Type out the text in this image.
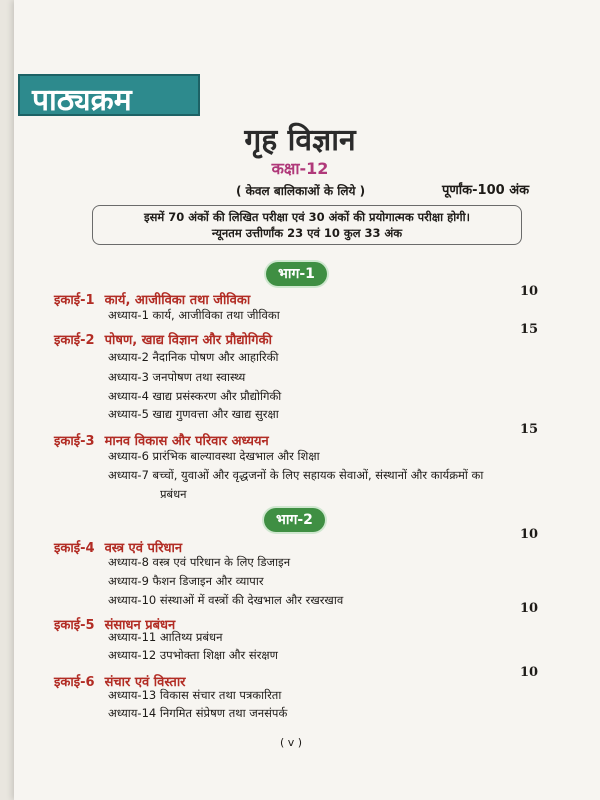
पाठ्यक्रम
गृह विज्ञान
कक्षा-12
( केवल बालिकाओं के लिये )	पूर्णांक-100 अंक
इसमें 70 अंकों की लिखित परीक्षा एवं 30 अंकों की प्रयोगात्मक परीक्षा होगी।
न्यूनतम उत्तीर्णांक 23 एवं 10 कुल 33 अंक
भाग-1
इकाई-1 कार्य, आजीविका तथा जीविका
10
अध्याय-1 कार्य, आजीविका तथा जीविका
इकाई-2 पोषण, खाद्य विज्ञान और प्रौद्योगिकी
15
अध्याय-2 नैदानिक पोषण और आहारिकी
अध्याय-3 जनपोषण तथा स्वास्थ्य
अध्याय-4 खाद्य प्रसंस्करण और प्रौद्योगिकी
अध्याय-5 खाद्य गुणवत्ता और खाद्य सुरक्षा
इकाई-3 मानव विकास और परिवार अध्ययन
15
अध्याय-6 प्रारंभिक बाल्यावस्था देखभाल और शिक्षा
अध्याय-7 बच्चों, युवाओं और वृद्धजनों के लिए सहायक सेवाओं, संस्थानों और कार्यक्रमों का
प्रबंधन
भाग-2
इकाई-4 वस्त्र एवं परिधान
10
अध्याय-8 वस्त्र एवं परिधान के लिए डिजाइन
अध्याय-9 फैशन डिजाइन और व्यापार
अध्याय-10 संस्थाओं में वस्त्रों की देखभाल और रखरखाव
इकाई-5 संसाधन प्रबंधन
10
अध्याय-11 आतिथ्य प्रबंधन
अध्याय-12 उपभोक्ता शिक्षा और संरक्षण
इकाई-6 संचार एवं विस्तार
10
अध्याय-13 विकास संचार तथा पत्रकारिता
अध्याय-14 निगमित संप्रेषण तथा जनसंपर्क
( v )
